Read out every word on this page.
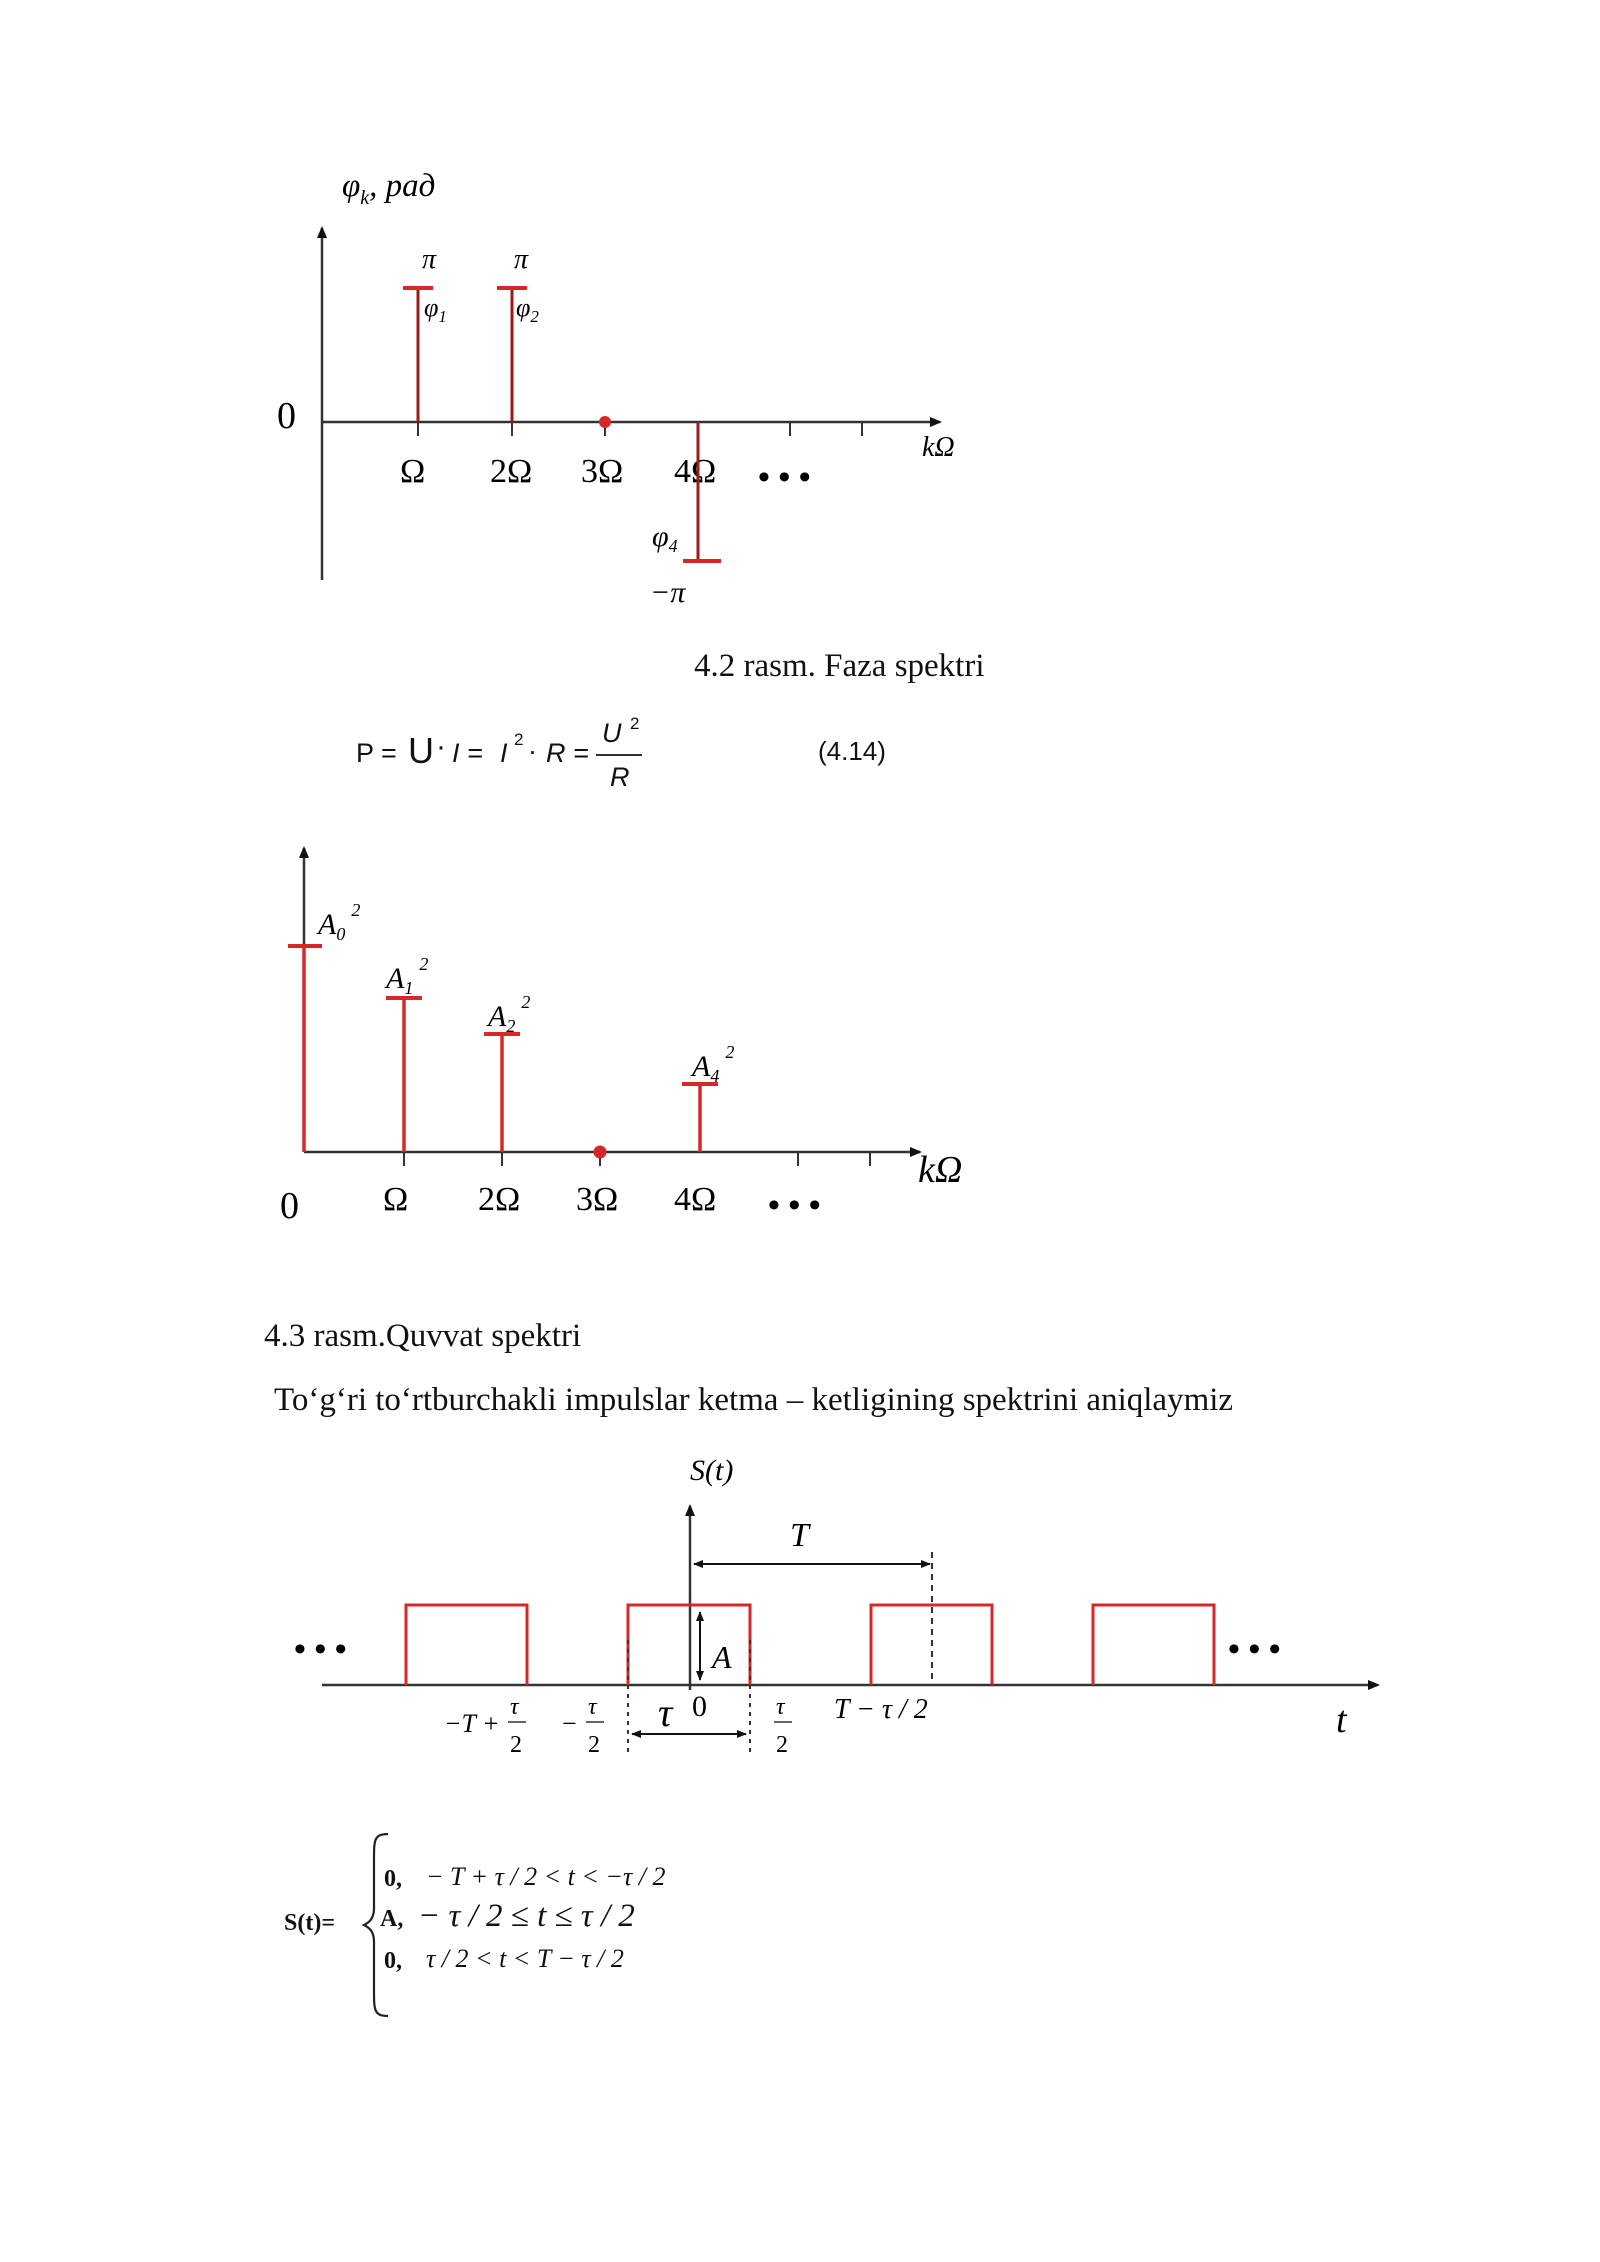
$\varphi_k$, рад
0
kΩ
Ω 2Ω 3Ω 4Ω • • •
π	π
$\varphi_1$	$\varphi_2$
$\varphi_4$
−π
4.2 rasm. Faza spektri
P = U · I = I 2 · R =
U 2
R
(4.14)
0 Ω 2Ω 3Ω 4Ω • • •
kΩ
$A_0^2$
$A_1^2$
$A_2^2$
$A_4^2$
4.3 rasm.Quvvat spektri
To‘g‘ri to‘rtburchakli impulslar ketma – ketligining spektrini aniqlaymiz
S(t)
t
• • •	• • •
T
A
τ 0
−T +
τ
2
−
τ
2
τ
2
T − τ / 2
S(t)=
0, − T + τ / 2 < t < −τ / 2
A, − τ / 2 ≤ t ≤ τ / 2
0, τ / 2 < t < T − τ / 2
